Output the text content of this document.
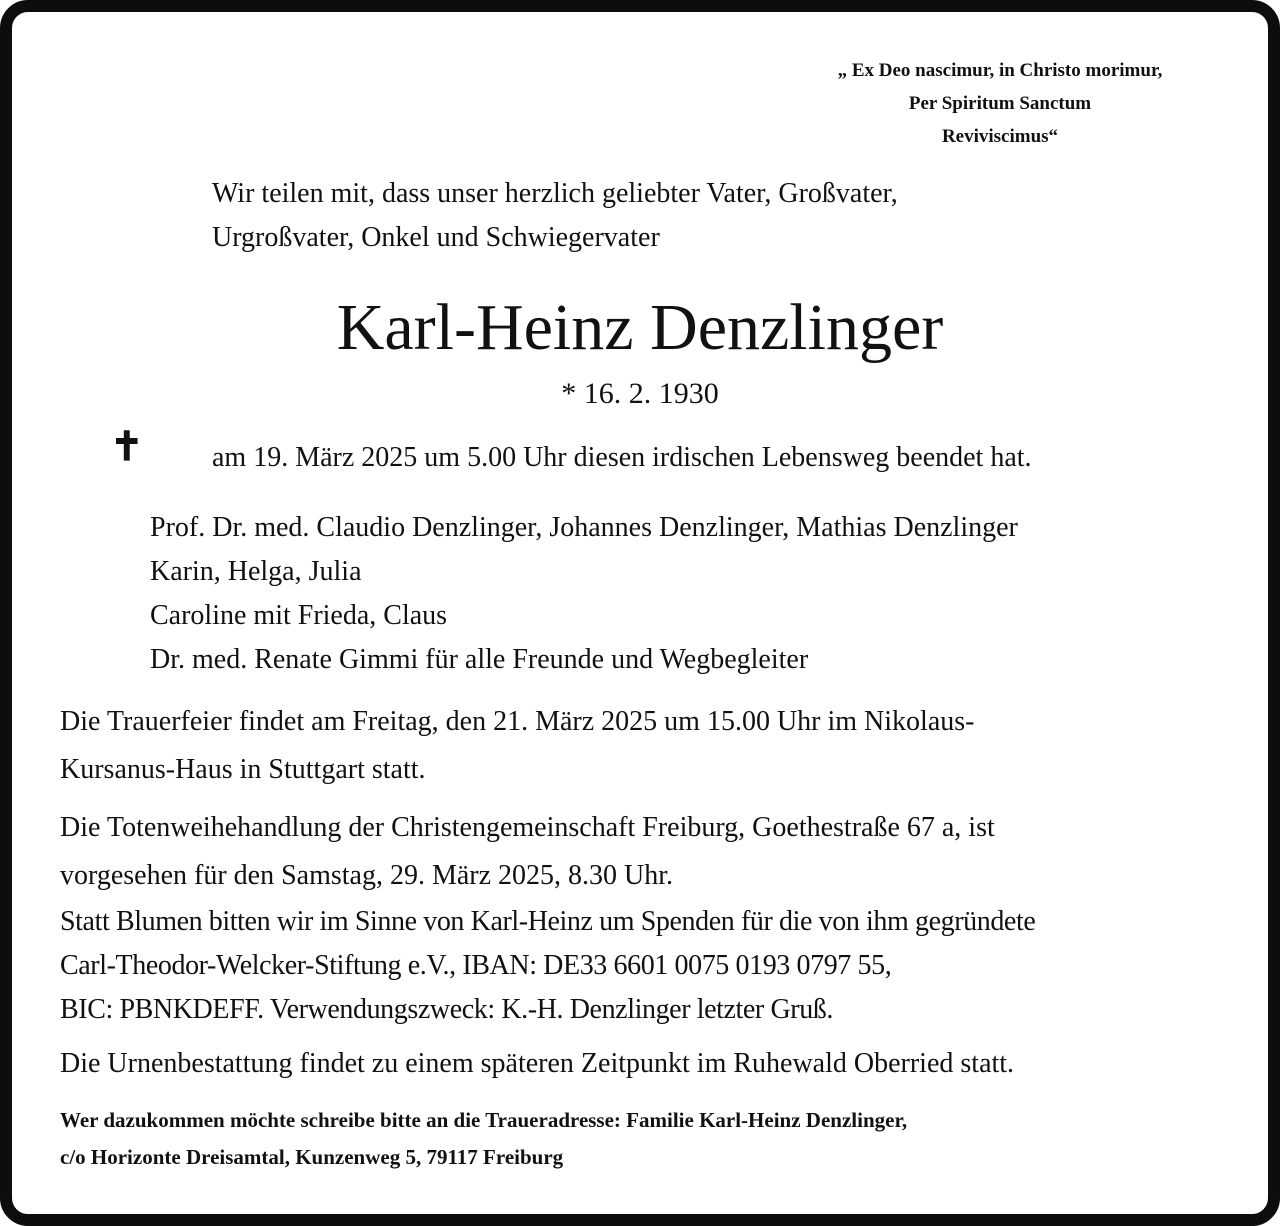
„ Ex Deo nascimur, in Christo morimur,
Per Spiritum Sanctum
Reviviscimus“
Wir teilen mit, dass unser herzlich geliebter Vater, Großvater,
Urgroßvater, Onkel und Schwiegervater
Karl-Heinz Denzlinger
* 16. 2. 1930
✝ am 19. März 2025 um 5.00 Uhr diesen irdischen Lebensweg beendet hat.
Prof. Dr. med. Claudio Denzlinger, Johannes Denzlinger, Mathias Denzlinger
Karin, Helga, Julia
Caroline mit Frieda, Claus
Dr. med. Renate Gimmi für alle Freunde und Wegbegleiter
Die Trauerfeier findet am Freitag, den 21. März 2025 um 15.00 Uhr im Nikolaus-
Kursanus-Haus in Stuttgart statt.
Die Totenweihehandlung der Christengemeinschaft Freiburg, Goethestraße 67 a, ist
vorgesehen für den Samstag, 29. März 2025, 8.30 Uhr.
Statt Blumen bitten wir im Sinne von Karl-Heinz um Spenden für die von ihm gegründete
Carl-Theodor-Welcker-Stiftung e.V., IBAN: DE33 6601 0075 0193 0797 55,
BIC: PBNKDEFF. Verwendungszweck: K.-H. Denzlinger letzter Gruß.
Die Urnenbestattung findet zu einem späteren Zeitpunkt im Ruhewald Oberried statt.
Wer dazukommen möchte schreibe bitte an die Traueradresse: Familie Karl-Heinz Denzlinger,
c/o Horizonte Dreisamtal, Kunzenweg 5, 79117 Freiburg
